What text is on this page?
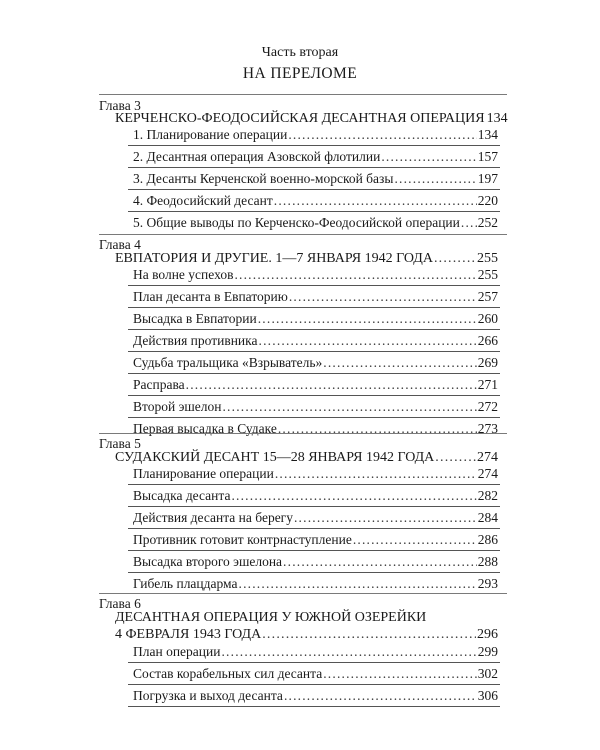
Часть вторая
НА ПЕРЕЛОМЕ
Глава 3
КЕРЧЕНСКО-ФЕОДОСИЙСКАЯ ДЕСАНТНАЯ ОПЕРАЦИЯ 134
1. Планирование операции .....	134
2. Десантная операция Азовской флотилии .....	157
3. Десанты Керченской военно-морской базы .....	197
4. Феодосийский десант .....	220
5. Общие выводы по Керченско-Феодосийской операции ..... 252
Глава 4
ЕВПАТОРИЯ И ДРУГИЕ. 1—7 ЯНВАРЯ 1942 ГОДА .....	255
На волне успехов .....	255
План десанта в Евпаторию .....	257
Высадка в Евпатории .....	260
Действия противника .....	266
Судьба тральщика «Взрыватель» .....	269
Расправа .....	271
Второй эшелон .....	272
Первая высадка в Судаке .....	273
Глава 5
СУДАКСКИЙ ДЕСАНТ 15—28 ЯНВАРЯ 1942 ГОДА .....	274
Планирование операции .....	274
Высадка десанта .....	282
Действия десанта на берегу .....	284
Противник готовит контрнаступление .....	286
Высадка второго эшелона .....	288
Гибель плацдарма .....	293
Глава 6
ДЕСАНТНАЯ ОПЕРАЦИЯ У ЮЖНОЙ ОЗЕРЕЙКИ
4 ФЕВРАЛЯ 1943 ГОДА .....	296
План операции .....	299
Состав корабельных сил десанта .....	302
Погрузка и выход десанта .....	306
